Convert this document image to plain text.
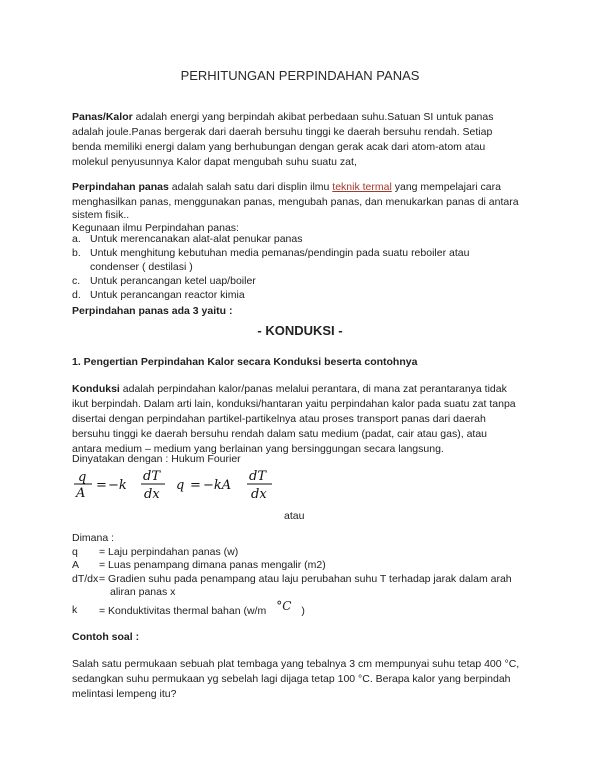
PERHITUNGAN PERPINDAHAN PANAS
Panas/Kalor adalah energi yang berpindah akibat perbedaan suhu.Satuan SI untuk panas
adalah joule.Panas bergerak dari daerah bersuhu tinggi ke daerah bersuhu rendah. Setiap
benda memiliki energi dalam yang berhubungan dengan gerak acak dari atom-atom atau
molekul penyusunnya Kalor dapat mengubah suhu suatu zat,
Perpindahan panas adalah salah satu dari displin ilmu teknik termal yang mempelajari cara
menghasilkan panas, menggunakan panas, mengubah panas, dan menukarkan panas di antara
sistem fisik..
Kegunaan ilmu Perpindahan panas:
a. Untuk merencanakan alat-alat penukar panas
b. Untuk menghitung kebutuhan media pemanas/pendingin pada suatu reboiler atau
condenser ( destilasi )
c. Untuk perancangan ketel uap/boiler
d. Untuk perancangan reactor kimia
Perpindahan panas ada 3 yaitu :
- KONDUKSI -
1. Pengertian Perpindahan Kalor secara Konduksi beserta contohnya
Konduksi adalah perpindahan kalor/panas melalui perantara, di mana zat perantaranya tidak
ikut berpindah. Dalam arti lain, konduksi/hantaran yaitu perpindahan kalor pada suatu zat tanpa
disertai dengan perpindahan partikel-partikelnya atau proses transport panas dari daerah
bersuhu tinggi ke daerah bersuhu rendah dalam satu medium (padat, cair atau gas), atau
antara medium – medium yang berlainan yang bersinggungan secara langsung.
Dinyatakan dengan : Hukum Fourier
q
A
= −k
dT
dx
q = −kA
dT
dx
atau
Dimana :
q	= Laju perpindahan panas (w)
A	= Luas penampang dimana panas mengalir (m2)
dT/dx = Gradien suhu pada penampang atau laju perubahan suhu T terhadap jarak dalam arah
aliran panas x
k	= Konduktivitas thermal bahan (w/m °C )
Contoh soal :
Salah satu permukaan sebuah plat tembaga yang tebalnya 3 cm mempunyai suhu tetap 400 °C,
sedangkan suhu permukaan yg sebelah lagi dijaga tetap 100 °C. Berapa kalor yang berpindah
melintasi lempeng itu?
